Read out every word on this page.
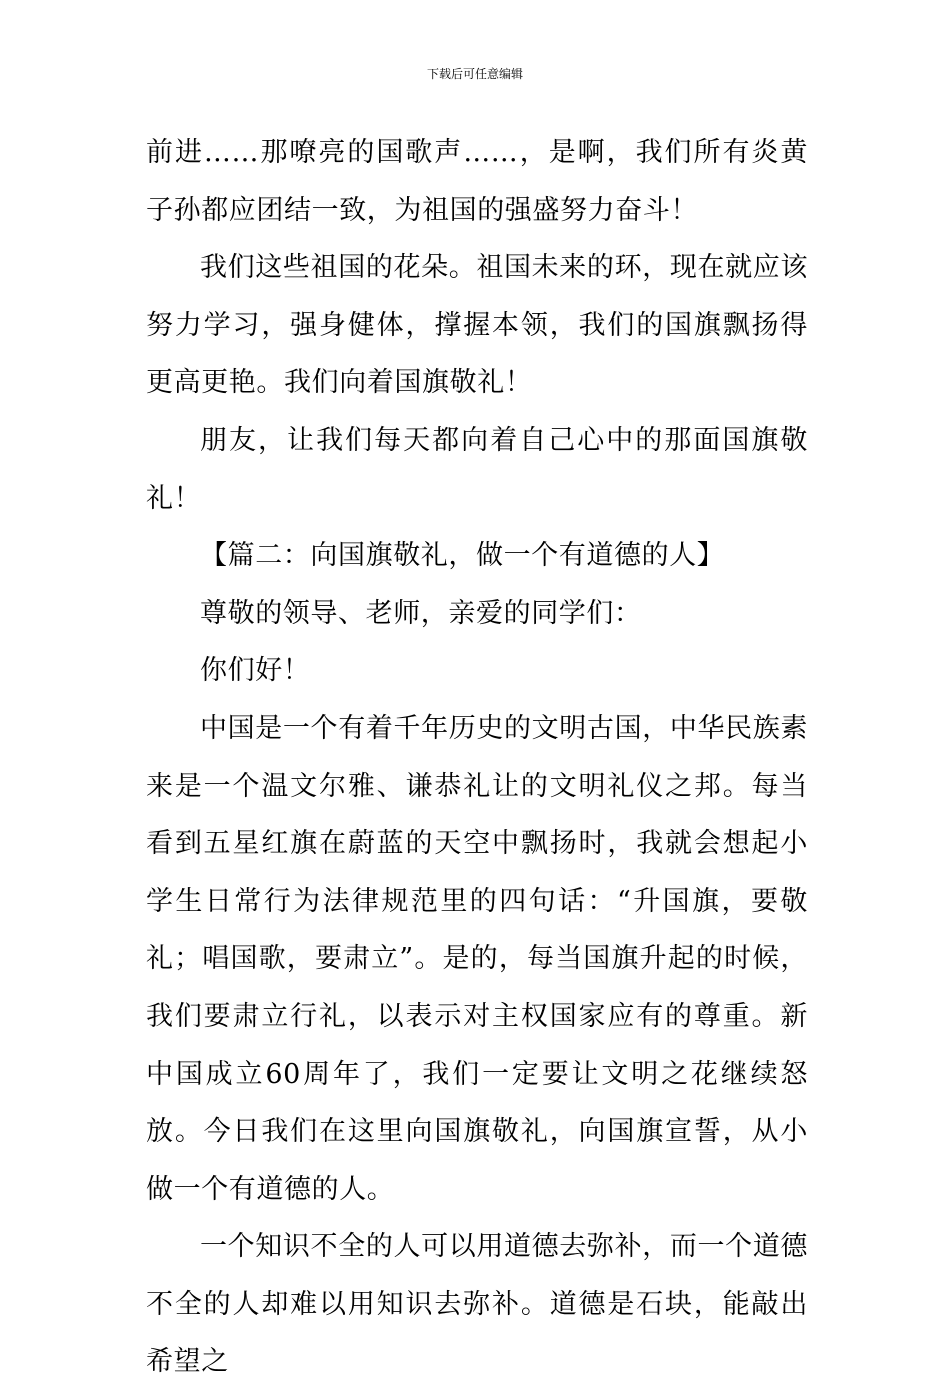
下载后可任意编辑

前进……那嘹亮的国歌声……，是啊，我们所有炎黄子孙都应团结一致，为祖国的强盛努力奋斗！

我们这些祖国的花朵。祖国未来的环，现在就应该努力学习，强身健体，撑握本领，我们的国旗飘扬得更高更艳。我们向着国旗敬礼！

朋友，让我们每天都向着自己心中的那面国旗敬礼！

【篇二：向国旗敬礼，做一个有道德的人】

尊敬的领导、老师，亲爱的同学们：

你们好！

中国是一个有着千年历史的文明古国，中华民族素来是一个温文尔雅、谦恭礼让的文明礼仪之邦。每当看到五星红旗在蔚蓝的天空中飘扬时，我就会想起小学生日常行为法律规范里的四句话：“升国旗，要敬礼；唱国歌，要肃立”。是的，每当国旗升起的时候，我们要肃立行礼，以表示对主权国家应有的尊重。新中国成立60周年了，我们一定要让文明之花继续怒放。今日我们在这里向国旗敬礼，向国旗宣誓，从小做一个有道德的人。

一个知识不全的人可以用道德去弥补，而一个道德不全的人却难以用知识去弥补。道德是石块，能敲出希望之
